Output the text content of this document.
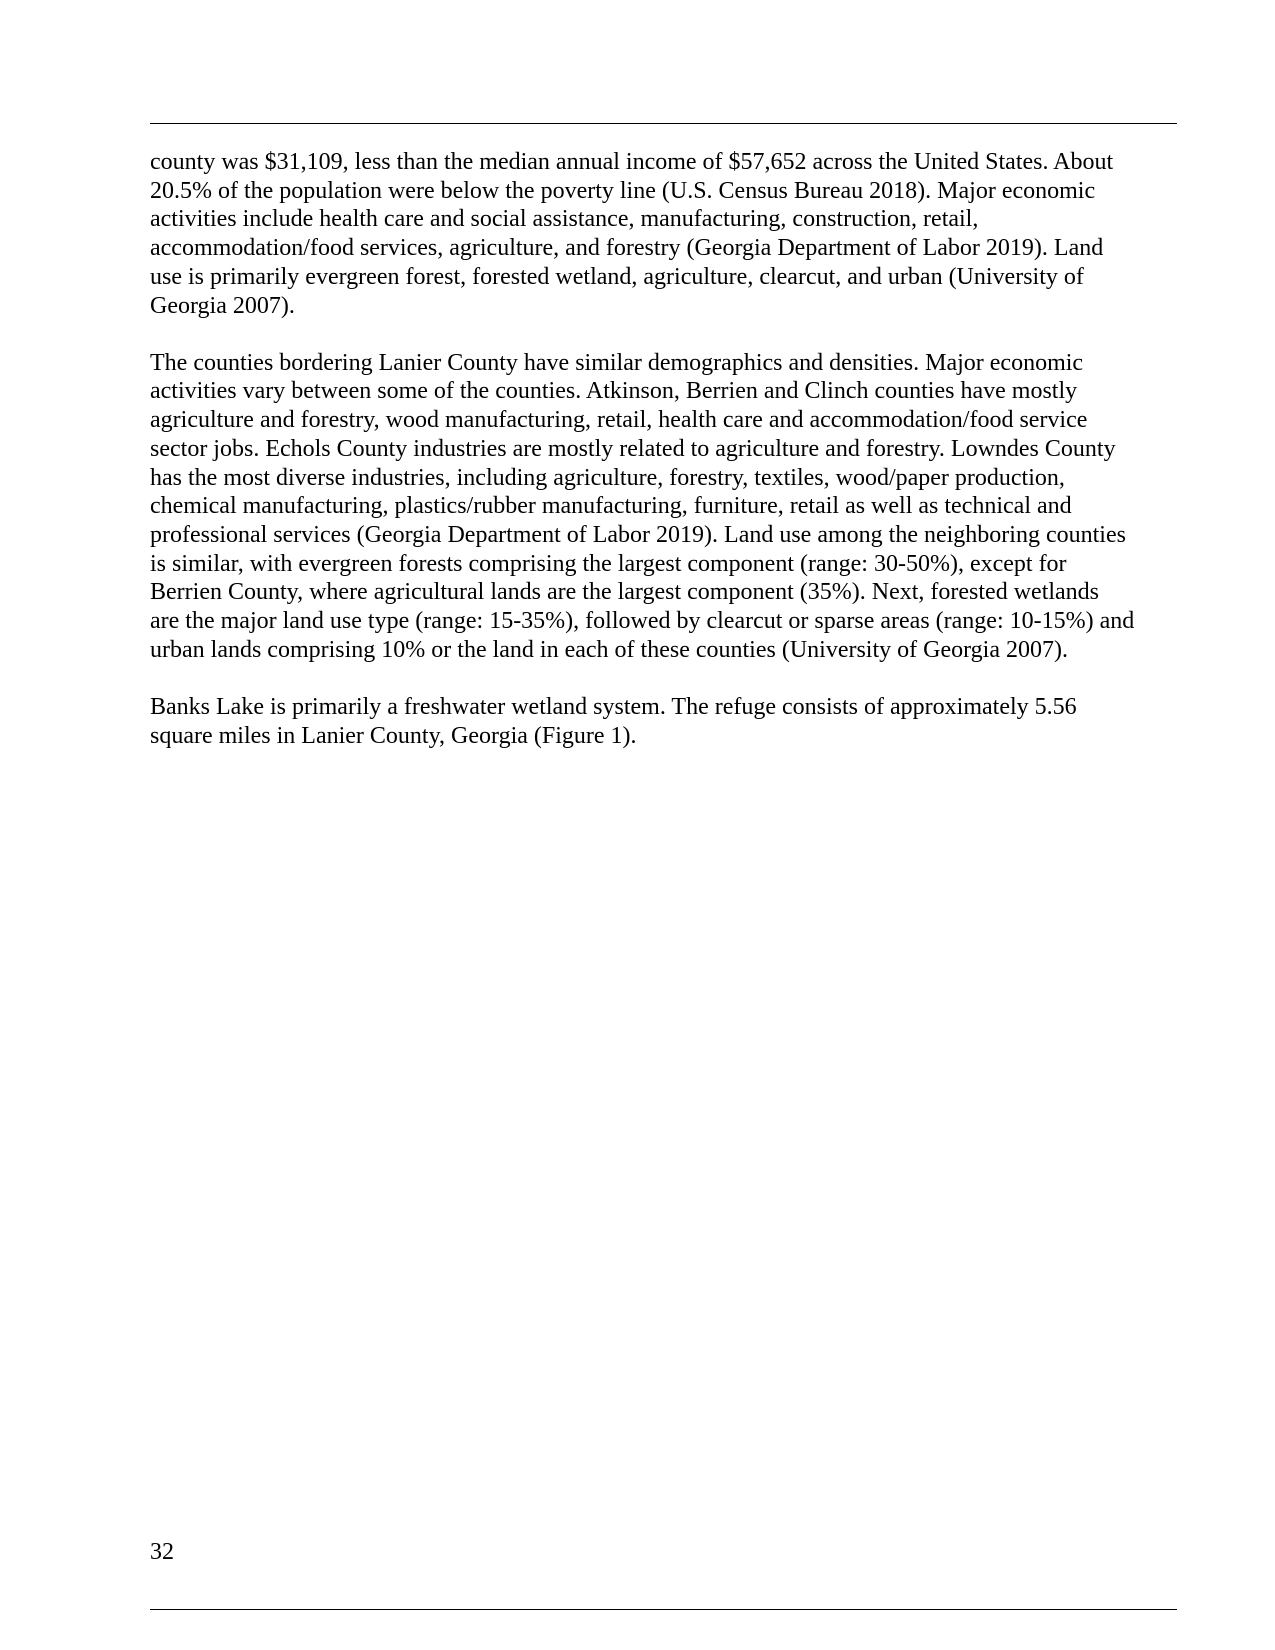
county was $31,109, less than the median annual income of $57,652 across the United States. About
20.5% of the population were below the poverty line (U.S. Census Bureau 2018). Major economic
activities include health care and social assistance, manufacturing, construction, retail,
accommodation/food services, agriculture, and forestry (Georgia Department of Labor 2019). Land
use is primarily evergreen forest, forested wetland, agriculture, clearcut, and urban (University of
Georgia 2007).

The counties bordering Lanier County have similar demographics and densities. Major economic
activities vary between some of the counties. Atkinson, Berrien and Clinch counties have mostly
agriculture and forestry, wood manufacturing, retail, health care and accommodation/food service
sector jobs. Echols County industries are mostly related to agriculture and forestry. Lowndes County
has the most diverse industries, including agriculture, forestry, textiles, wood/paper production,
chemical manufacturing, plastics/rubber manufacturing, furniture, retail as well as technical and
professional services (Georgia Department of Labor 2019). Land use among the neighboring counties
is similar, with evergreen forests comprising the largest component (range: 30-50%), except for
Berrien County, where agricultural lands are the largest component (35%). Next, forested wetlands
are the major land use type (range: 15-35%), followed by clearcut or sparse areas (range: 10-15%) and
urban lands comprising 10% or the land in each of these counties (University of Georgia 2007).

Banks Lake is primarily a freshwater wetland system. The refuge consists of approximately 5.56
square miles in Lanier County, Georgia (Figure 1).

32
